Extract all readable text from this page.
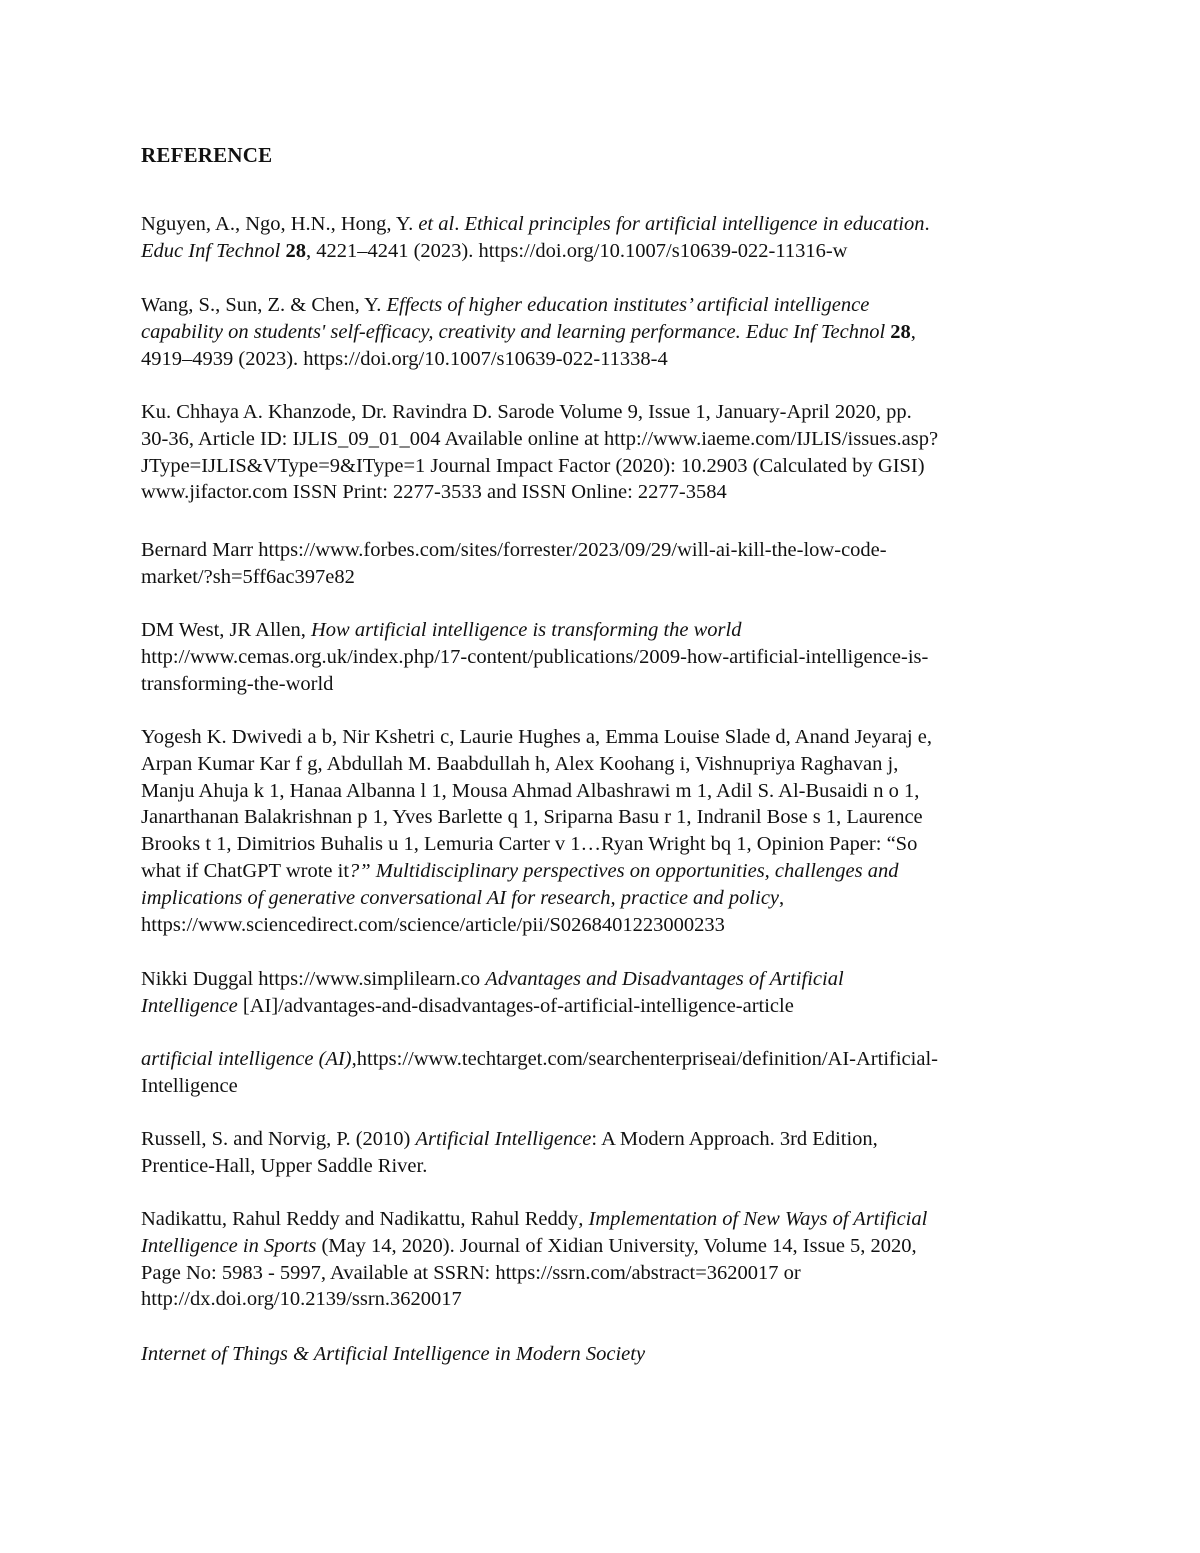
REFERENCE
Nguyen, A., Ngo, H.N., Hong, Y. et al. Ethical principles for artificial intelligence in education.
Educ Inf Technol 28, 4221–4241 (2023). https://doi.org/10.1007/s10639-022-11316-w
Wang, S., Sun, Z. & Chen, Y. Effects of higher education institutes’ artificial intelligence
capability on students' self-efficacy, creativity and learning performance. Educ Inf Technol 28,
4919–4939 (2023). https://doi.org/10.1007/s10639-022-11338-4
Ku. Chhaya A. Khanzode, Dr. Ravindra D. Sarode Volume 9, Issue 1, January-April 2020, pp.
30-36, Article ID: IJLIS_09_01_004 Available online at http://www.iaeme.com/IJLIS/issues.asp?
JType=IJLIS&VType=9&IType=1 Journal Impact Factor (2020): 10.2903 (Calculated by GISI)
www.jifactor.com ISSN Print: 2277-3533 and ISSN Online: 2277-3584
Bernard Marr https://www.forbes.com/sites/forrester/2023/09/29/will-ai-kill-the-low-code-
market/?sh=5ff6ac397e82
DM West, JR Allen, How artificial intelligence is transforming the world
http://www.cemas.org.uk/index.php/17-content/publications/2009-how-artificial-intelligence-is-
transforming-the-world
Yogesh K. Dwivedi a b, Nir Kshetri c, Laurie Hughes a, Emma Louise Slade d, Anand Jeyaraj e,
Arpan Kumar Kar f g, Abdullah M. Baabdullah h, Alex Koohang i, Vishnupriya Raghavan j,
Manju Ahuja k 1, Hanaa Albanna l 1, Mousa Ahmad Albashrawi m 1, Adil S. Al-Busaidi n o 1,
Janarthanan Balakrishnan p 1, Yves Barlette q 1, Sriparna Basu r 1, Indranil Bose s 1, Laurence
Brooks t 1, Dimitrios Buhalis u 1, Lemuria Carter v 1…Ryan Wright bq 1, Opinion Paper: “So
what if ChatGPT wrote it?” Multidisciplinary perspectives on opportunities, challenges and
implications of generative conversational AI for research, practice and policy,
https://www.sciencedirect.com/science/article/pii/S0268401223000233
Nikki Duggal https://www.simplilearn.co Advantages and Disadvantages of Artificial
Intelligence [AI]/advantages-and-disadvantages-of-artificial-intelligence-article
artificial intelligence (AI),https://www.techtarget.com/searchenterpriseai/definition/AI-Artificial-
Intelligence
Russell, S. and Norvig, P. (2010) Artificial Intelligence: A Modern Approach. 3rd Edition,
Prentice-Hall, Upper Saddle River.
Nadikattu, Rahul Reddy and Nadikattu, Rahul Reddy, Implementation of New Ways of Artificial
Intelligence in Sports (May 14, 2020). Journal of Xidian University, Volume 14, Issue 5, 2020,
Page No: 5983 - 5997, Available at SSRN: https://ssrn.com/abstract=3620017 or
http://dx.doi.org/10.2139/ssrn.3620017
Internet of Things & Artificial Intelligence in Modern Society
